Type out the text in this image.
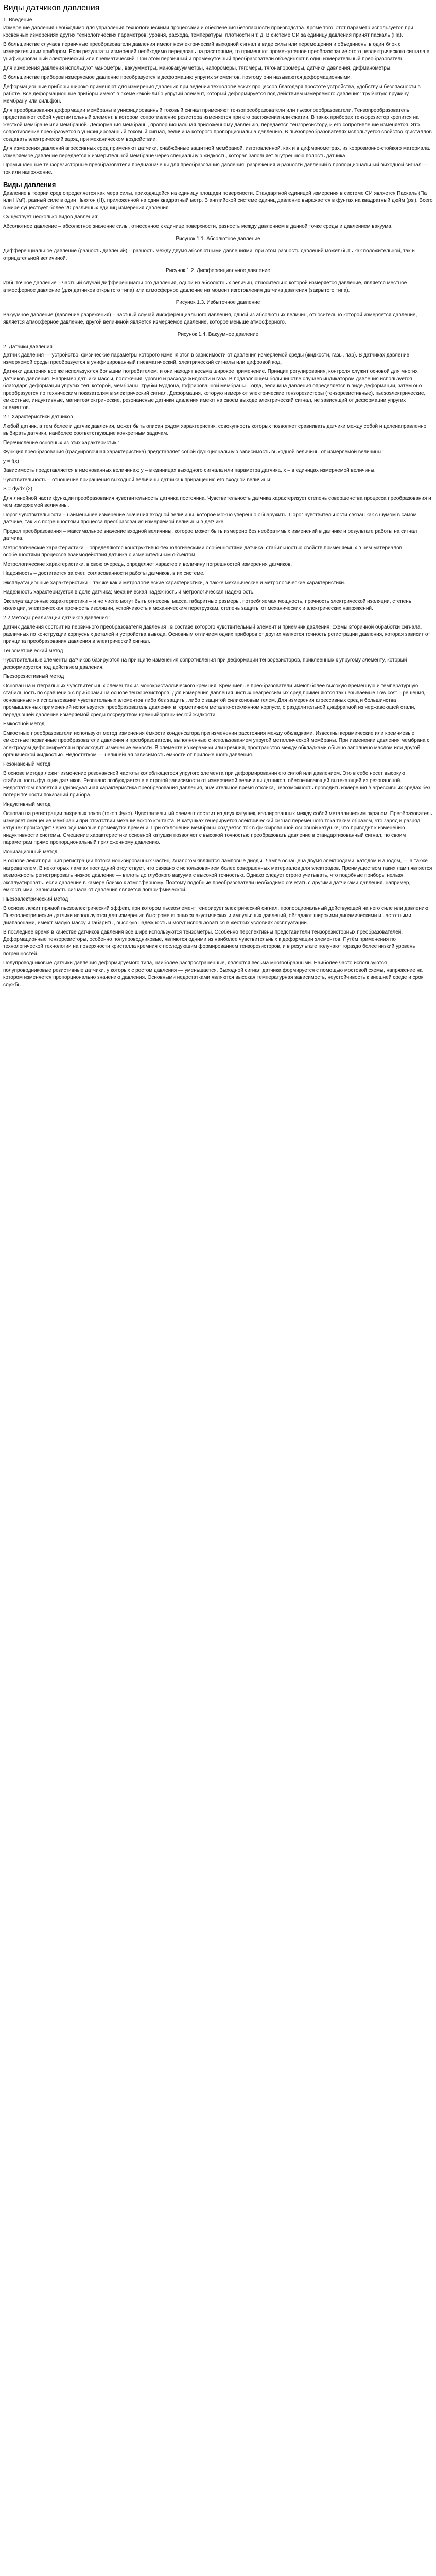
Виды датчиков давления
1. Введение
Измерение давления необходимо для управления технологическими процессами и обеспечения безопасности производства. Кроме того, этот параметр используется при косвенных измерениях других технологических параметров: уровня, расхода, температуры, плотности и т. д. В системе СИ за единицу давления принят паскаль (Па).
В большинстве случаев первичные преобразователи давления имеют неэлектрический выходной сигнал в виде силы или перемещения и объединены в один блок с измерительным прибором. Если результаты измерений необходимо передавать на расстояние, то применяют промежуточное преобразование этого неэлектрического сигнала в унифицированный электрический или пневматический. При этом первичный и промежуточный преобразователи объединяют в один измерительный преобразователь.
Для измерения давления используют манометры, вакуумметры, мановакуумметры, напоромеры, тягомеры, тягонапоромеры, датчики давления, дифманометры.
В большинстве приборов измеряемое давление преобразуется в деформацию упругих элементов, поэтому они называются деформационными.
Деформационные приборы широко применяют для измерения давления при ведении технологических процессов благодаря простоте устройства, удобству и безопасности в работе. Все деформационные приборы имеют в схеме какой-либо упругий элемент, который деформируется под действием измеряемого давления: трубчатую пружину, мембрану или сильфон.
Для преобразования деформации мембраны в унифицированный токовый сигнал применяют тензопреобразователи или пьезопреобразователи. Тензопреобразователь представляет собой чувствительный элемент, в котором сопротивление резистора изменяется при его растяжении или сжатии. В таких приборах тензорезистор крепится на жесткой мембране или мембраной. Деформация мембраны, пропорциональная приложенному давлению, передается тензорезистору, и его сопротивление изменяется. Это сопротивление преобразуется в унифицированный токовый сигнал, величина которого пропорциональна давлению. В пьезопреобразователях используется свойство кристаллов создавать электрический заряд при механическом воздействии.
Для измерения давлений агрессивных сред применяют датчики, снабжённые защитной мембраной, изготовленной, как и в дифманометрах, из коррозионно-стойкого материала. Измеряемое давление передается к измерительной мембране через специальную жидкость, которая заполняет внутреннюю полость датчика.
Промышленные тензорезисторные преобразователи предназначены для преобразования давления, разрежения и разности давлений в пропорциональный выходной сигнал — ток или напряжение.
Виды давления
Давление в теории сред определяется как мера силы, приходящейся на единицу площади поверхности. Стандартной единицей измерения в системе СИ является Паскаль (Па или Н/м²), равный силе в один Ньютон (Н), приложенной на один квадратный метр. В английской системе единиц давление выражается в фунтах на квадратный дюйм (psi). Всего в мире существует более 20 различных единиц измерения давления.
Существует несколько видов давления:
Абсолютное давление – абсолютное значение силы, отнесенное к единице поверхности, разность между давлением в данной точке среды и давлением вакуума.
Рисунок 1.1. Абсолютное давление
Дифференциальное давление (разность давлений) – разность между двумя абсолютными давлениями, при этом разность давлений может быть как положительной, так и отрицательной величиной.
Рисунок 1.2. Дифференциальное давление
Избыточное давление – частный случай дифференциального давления, одной из абсолютных величин, относительно которой измеряется давление, является местное атмосферное давление (для датчиков открытого типа) или атмосферное давление на момент изготовления датчика давления (закрытого типа).
Рисунок 1.3. Избыточное давление
Вакуумное давление (давление разрежения) – частный случай дифференциального давления, одной из абсолютных величин, относительно которой измеряется давление, является атмосферное давление, другой величиной является измеряемое давление, которое меньше атмосферного.
Рисунок 1.4. Вакуумное давление
2. Датчики давления
Датчик давления — устройство, физические параметры которого изменяются в зависимости от давления измеряемой среды (жидкости, газы, пар). В датчиках давление измеряемой среды преобразуется в унифицированный пневматический, электрический сигналы или цифровой код.
Датчики давления все же используются большим потребителем, и они находят весьма широкое применение. Принцип регулирования, контроля служит основой для многих датчиков давления. Например датчики массы, положения, уровня и расхода жидкости и газа. В подавляющем большинстве случаев индикатором давления используется благодаря деформации упругих тел, которой, мембраны, трубки Бурдона, гофрированной мембраны. Тогда, величина давления определяется в виде деформации, затем оно преобразуется по техническим показателям в электрический сигнал. Деформация, которую измеряют электрические тензорезисторы (тензорезистивные), пьезоэлектрические, емкостные, индуктивные, магнитоэлектрические, резонансные датчики давления имеют на своем выходе электрический сигнал, не зависящий от деформации упругих элементов.
2.1 Характеристики датчиков
Любой датчик, а тем более и датчик давления, может быть описан рядом характеристик, совокупность которых позволяет сравнивать датчики между собой и целенаправленно выбирать датчики, наиболее соответствующие конкретным задачам.
Перечисление основных из этих характеристик :
Функция преобразования (градуировочная характеристика) представляет собой функциональную зависимость выходной величины от измеряемой величины:
y = f(x)
Зависимость представляется в именованных величинах: y – в единицах выходного сигнала или параметра датчика, x – в единицах измеряемой величины.
Чувствительность – отношение приращения выходной величины датчика к приращению его входной величины:
S = dy/dx (2)
Для линейной части функции преобразования чувствительность датчика постоянна. Чувствительность датчика характеризует степень совершенства процесса преобразования и чем измеряемой величины.
Порог чувствительности – наименьшее изменение значения входной величины, которое можно уверенно обнаружить. Порог чувствительности связан как с шумом в самом датчике, так и с погрешностями процесса преобразования измеряемой величины в датчике.
Предел преобразования – максимальное значение входной величины, которое может быть измерено без необратимых изменений в датчике и результате работы на сигнал датчика.
Метрологические характеристики – определяются конструктивно-технологическими особенностями датчика, стабильностью свойств применяемых в нем материалов, особенностями процессов взаимодействия датчика с измерительным объектом.
Метрологические характеристики, в свою очередь, определяет характер и величину погрешностей измерения датчиков.
Надежность – достигается за счет, согласованности работы датчиков, в их системе.
Эксплуатационные характеристики – так же как и метрологические характеристики, а также механические и метрологические характеристики.
Надежность характеризуется в доле датчика; механическая надежность и метрологическая надежность.
Эксплуатационные характеристики – и не число могут быть отнесены масса, габаритные размеры, потребляемая мощность, прочность электрической изоляции, степень изоляции, электрическая прочность изоляции, устойчивость к механическим перегрузкам, степень защиты от механических и электрических напряжений.
2.2 Методы реализации датчиков давления :
Датчик давления состоит из первичного преобразователя давления , в составе которого чувствительный элемент и приемник давления, схемы вторичной обработки сигнала, различных по конструкции корпусных деталей и устройства вывода. Основным отличием одних приборов от других является точность регистрации давления, которая зависит от принципа преобразования давления в электрический сигнал.
Тензометрический метод
Чувствительные элементы датчиков базируются на принципе изменения сопротивления при деформации тензорезисторов, приклеенных к упругому элементу, который деформируется под действием давления.
Пьезорезистивный метод
Основан на интегральных чувствительных элементах из монокристаллического кремния. Кремниевые преобразователи имеют более высокую временную и температурную стабильность по сравнению с приборами на основе тензорезисторов. Для измерения давления чистых неагрессивных сред применяются так называемые Low cost – решения, основанные на использовании чувствительных элементов либо без защиты, либо с защитой силиконовым гелем. Для измерения агрессивных сред и большинства промышленных применений используется преобразователь давления в герметичном металло-стеклянном корпусе, с разделительной диафрагмой из нержавеющей стали, передающей давление измеряемой среды посредством кремнийорганической жидкости.
Емкостной метод
Емкостные преобразователи используют метод изменения ёмкости конденсатора при изменении расстояния между обкладками. Известны керамические или кремниевые емкостные первичные преобразователи давления и преобразователи, выполненные с использованием упругой металлической мембраны. При изменении давления мембрана с электродом деформируется и происходит изменение емкости. В элементе из керамики или кремния, пространство между обкладками обычно заполнено маслом или другой органической жидкостью. Недостатком — нелинейная зависимость ёмкости от приложенного давления.
Резонансный метод
В основе метода лежит изменение резонансной частоты колеблющегося упругого элемента при деформировании его силой или давлением. Это в себе несет высокую стабильность функции датчиков. Резонанс возбуждается в в строгой зависимости от измеряемой величины датчиков, обеспечивающей вытекающей из резонансной. Недостатком является индивидуальная характеристика преобразования давления, значительное время отклика, невозможность проводить измерения в агрессивных средах без потери точности показаний прибора.
Индуктивный метод
Основан на регистрации вихревых токов (токов Фуко). Чувствительный элемент состоит из двух катушек, изолированных между собой металлическим экраном. Преобразователь измеряет смещение мембраны при отсутствии механического контакта. В катушках генерируется электрический сигнал переменного тока таким образом, что заряд и разряд катушек происходит через одинаковые промежутки времени. При отклонении мембраны создаётся ток в фиксированной основной катушке, что приводит к изменению индуктивности системы. Смещение характеристики основной катушки позволяет с высокой точностью преобразовать давление в стандартизованный сигнал, по своим параметрам прямо пропорциональный приложенному давлению.
Ионизационный метод
В основе лежит принцип регистрации потока ионизированных частиц. Аналогом являются ламповые диоды. Лампа оснащена двумя электродами: катодом и анодом, — а также нагревателем. В некоторых лампах последний отсутствует, что связано с использованием более совершенных материалов для электродов. Преимуществом таких ламп является возможность регистрировать низкое давление — вплоть до глубокого вакуума с высокой точностью. Однако следует строго учитывать, что подобные приборы нельзя эксплуатировать, если давление в камере близко к атмосферному. Поэтому подобные преобразователи необходимо сочетать с другими датчиками давления, например, емкостными. Зависимость сигнала от давления является логарифмической.
Пьезоэлектрический метод
В основе лежит прямой пьезоэлектрический эффект, при котором пьезоэлемент генерирует электрический сигнал, пропорциональный действующей на него силе или давлению. Пьезоэлектрические датчики используются для измерения быстроменяющихся акустических и импульсных давлений, обладают широкими динамическими и частотными диапазонами, имеют малую массу и габариты, высокую надежность и могут использоваться в жестких условиях эксплуатации.
В последнее время в качестве датчиков давления все шире используются тензометры. Особенно перспективны представители тензорезисторных преобразователей. Деформационные тензорезисторы, особенно полупроводниковые, являются одними из наиболее чувствительных к деформации элементов. Путём применения по технологической технологии на поверхности кристалла кремния с последующим формированием тензорезисторов, и в результате получают гораздо более низкий уровень погрешностей.
Полупроводниковые датчики давления деформируемого типа, наиболее распространённые, являются весьма многообразными. Наиболее часто используются полупроводниковые резистивные датчики, у которых с ростом давления — уменьшается. Выходной сигнал датчика формируется с помощью мостовой схемы, напряжение на котором изменяется пропорционально значению давления. Основными недостатками являются высокая температурная зависимость, неустойчивость к внешней среде и срок службы.
